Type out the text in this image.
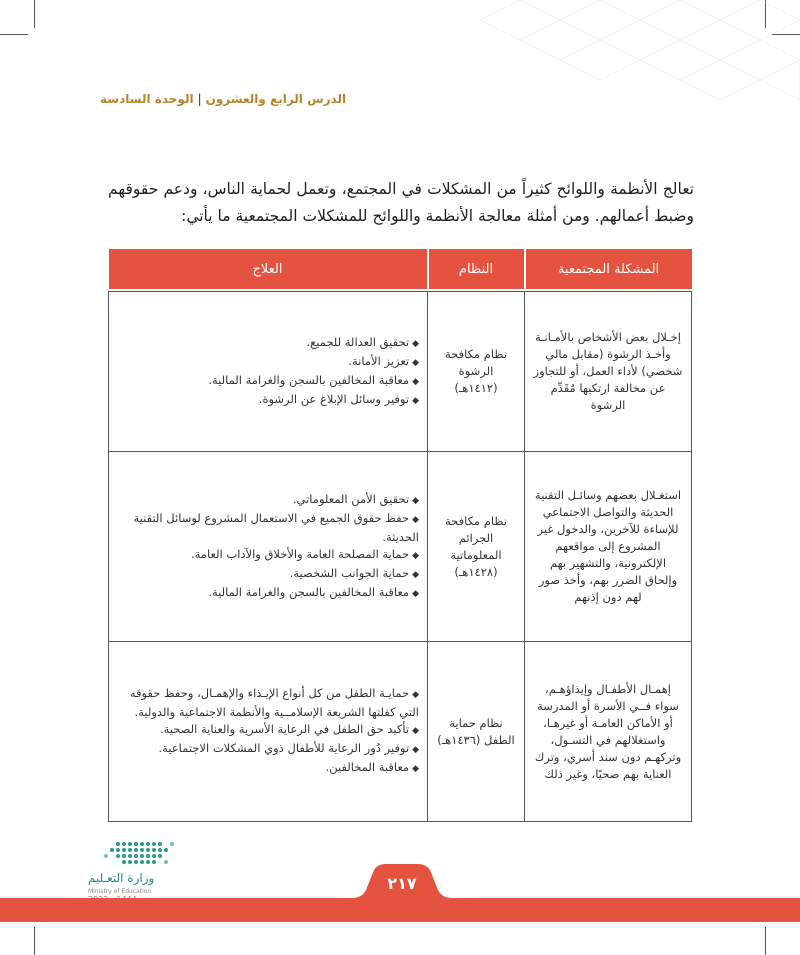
الدرس الرابع والعشرون|الوحدة السادسة
تعالج الأنظمة واللوائح كثيراً من المشكلات في المجتمع، وتعمل لحماية الناس، ودعم حقوقهم وضبط أعمالهم. ومن أمثلة معالجة الأنظمة واللوائح للمشكلات المجتمعية ما يأتي:
المشكلة المجتمعية	النظام	العلاج

إخـلال بعض الأشخاص بالأمـانـة وأخـذ الرشوة (مقابل مالي شخصي) لأداء العمل، أو للتجاوز عن مخالفة ارتكبها مُقَدِّم الرشوة	نظام مكافحة الرشوة (١٤١٢هـ)	◆تحقيق العدالة للجميع.
◆تعزيز الأمانة.
◆معاقبة المخالفين بالسجن والغرامة المالية.
◆توفير وسائل الإبلاغ عن الرشوة.

استغـلال بعضهم وسائـل التقنية الحديثة والتواصل الاجتماعي للإساءة للآخرين، والدخول غير المشروع إلى مواقعهم الإلكترونية، والتشهير بهم وإلحاق الضرر بهم، وأخذ صور لهم دون إذنهم	نظام مكافحة الجرائم المعلوماتية (١٤٢٨هـ)	◆تحقيق الأمن المعلوماتي.
◆حفظ حقوق الجميع في الاستعمال المشروع لوسائل التقنية الحديثة.
◆حماية المصلحة العامة والأخلاق والآداب العامة.
◆حماية الجوانب الشخصية.
◆معاقبة المخالفين بالسجن والغرامة المالية.

إهمـال الأطفـال وإيذاؤهـم، سواء فــي الأسرة أو المدرسة أو الأماكن العامـة أو غيرهـا، واستغلالهم في التسـول، وتركهـم دون سند أسري، وترك العناية بهم صحيًا، وغير ذلك	نظام حماية الطفل (١٤٣٦هـ)	◆حمايـة الطفل من كل أنواع الإيـذاء والإهمـال، وحفظ حقوقه التي كفلتها الشريعة الإسلامــية والأنظمة الاجتماعية والدولية.
◆تأكيد حق الطفل في الرعاية الأسرية والعناية الصحية.
◆توفير دُور الرعاية للأطفال ذوي المشكلات الاجتماعية.
◆معاقبة المخالفين.
وزارة التعـليم
Ministry of Education	٢١٧
